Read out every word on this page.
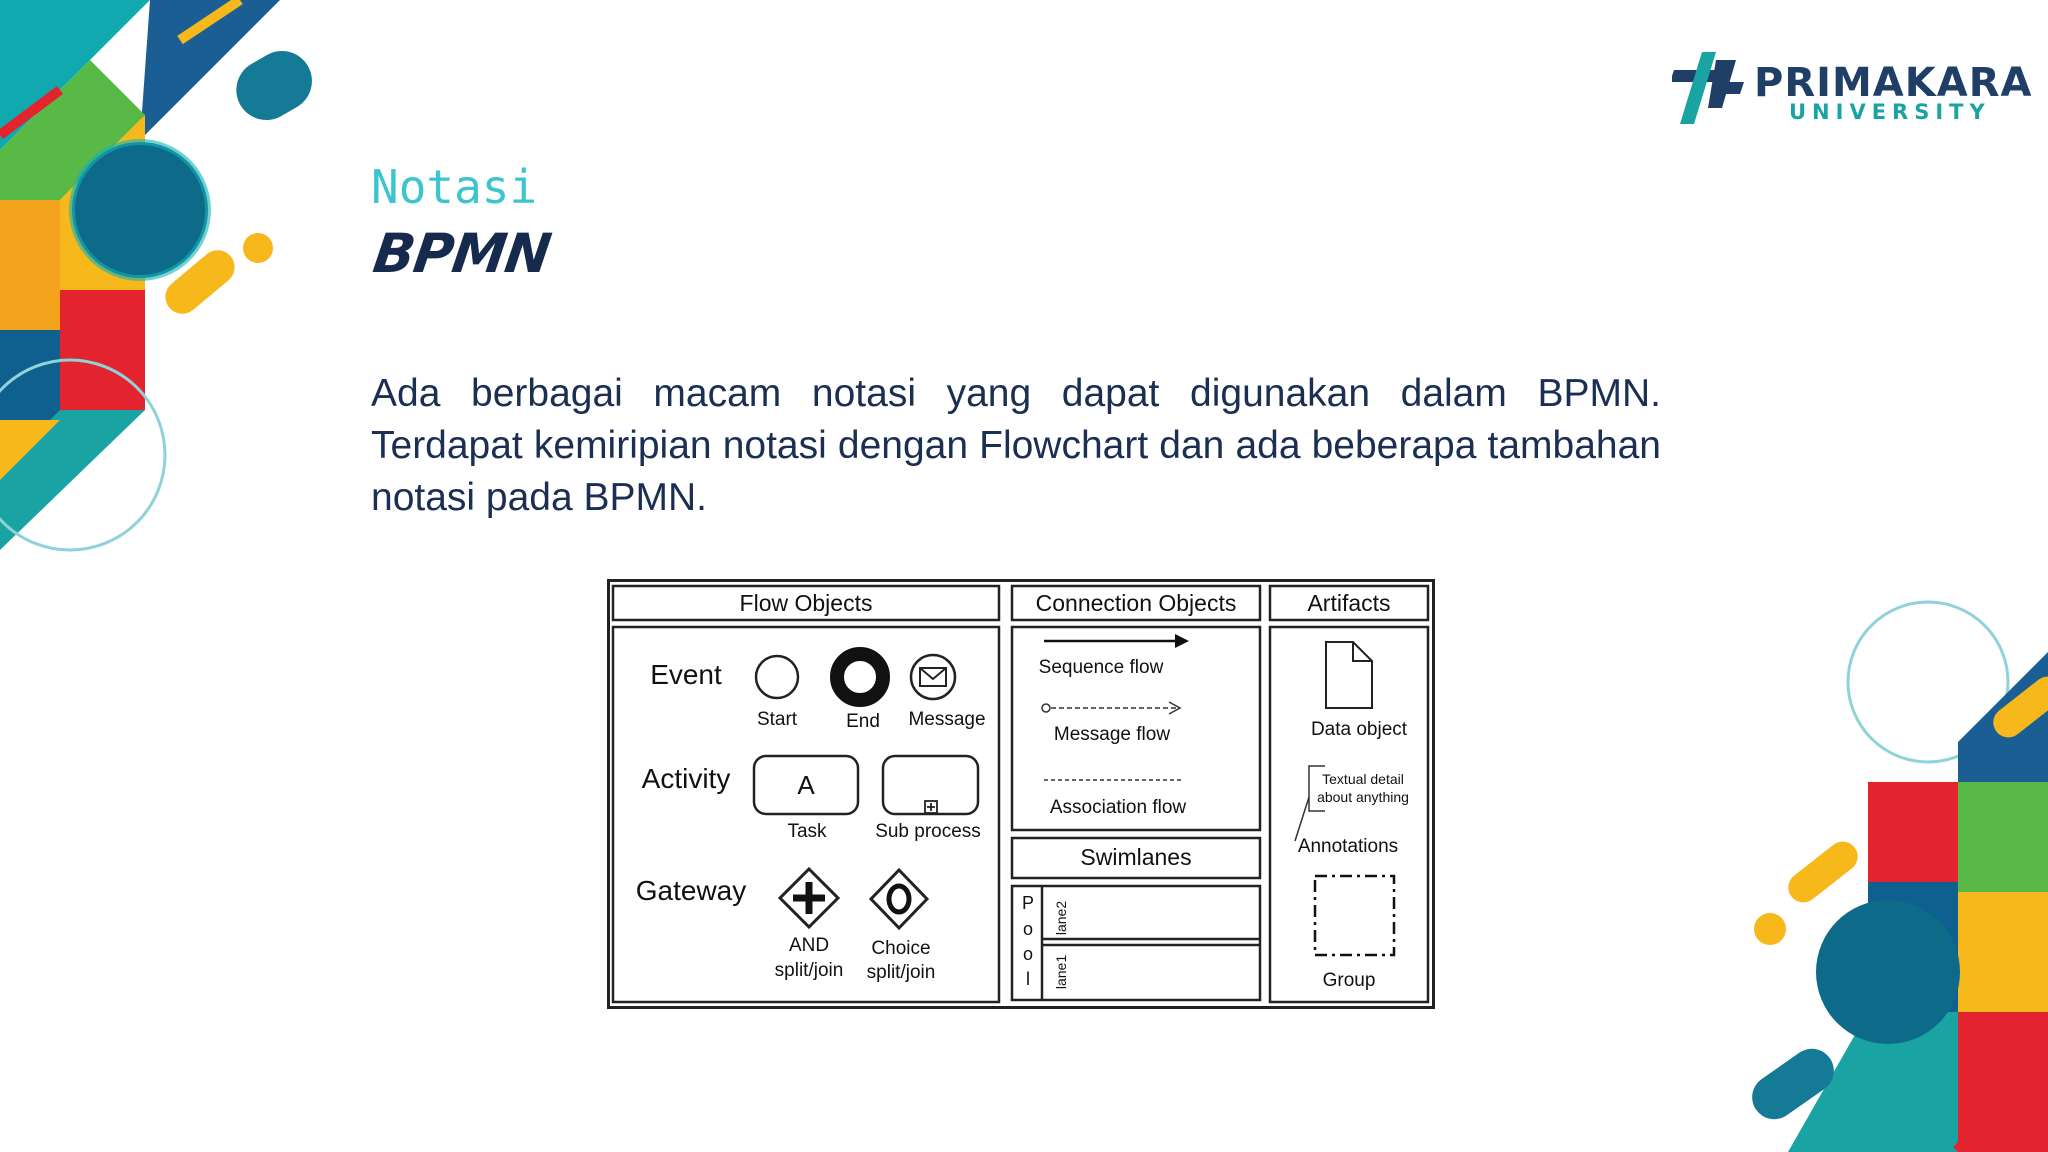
PRIMAKARA
UNIVERSITY
Notasi
BPMN
Ada berbagai macam notasi yang dapat digunakan dalam BPMN. Terdapat kemiripian notasi dengan Flowchart dan ada beberapa tambahan notasi pada BPMN.
Flow Objects	Connection Objects	Artifacts
Event
Start	End Message
Activity	A
Task	Sub process
Gateway
AND
split/join
Choice
split/join
Sequence flow
Message flow
Association flow
Swimlanes
P
o
o
l
lane2
lane1
Data object
Textual detail
about anything
Annotations
Group
